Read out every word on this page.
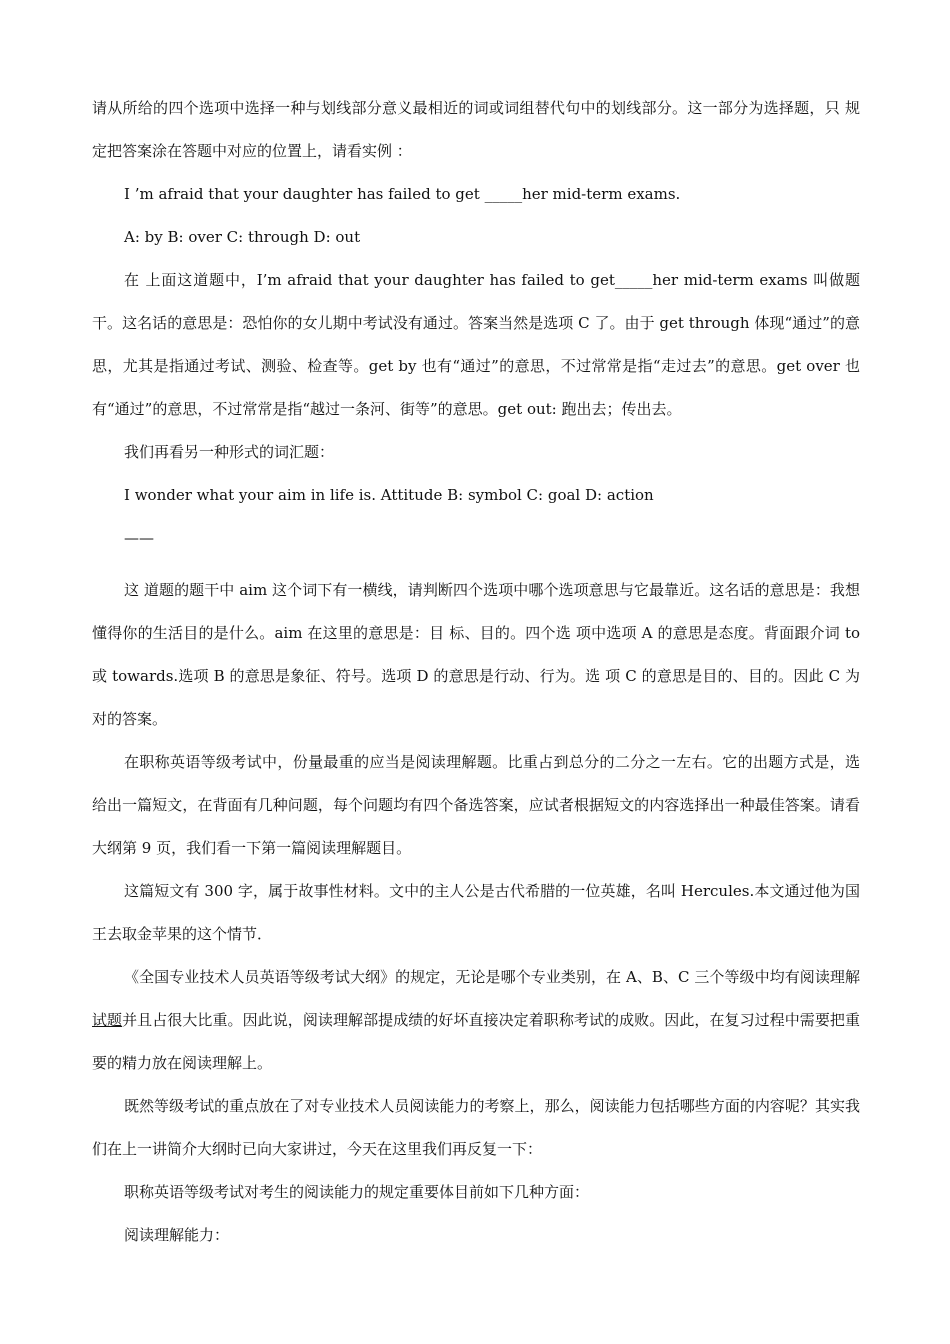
请从所给的四个选项中选择一种与划线部分意义最相近的词或词组替代句中的划线部分。这一部分为选择题，只 规定把答案涂在答题中对应的位置上，请看实例 ：

I ’m afraid that your daughter has failed to get _____her mid-term exams.

A: by B: over C: through D: out

在 上面这道题中，I’m afraid that your daughter has failed to get_____her mid-term exams 叫做题干。这名话的意思是：恐怕你的女儿期中考试没有通过。答案当然是选项 C 了。由于 get through 体现“通过”的意思，尤其是指通过考试、测验、检查等。get by 也有“通过”的意思，不过常常是指“走过去”的意思。get over 也有“通过”的意思，不过常常是指“越过一条河、街等”的意思。get out: 跑出去；传出去。

我们再看另一种形式的词汇题：

I wonder what your aim in life is. Attitude B: symbol C: goal D: action

——

这 道题的题干中 aim 这个词下有一横线，请判断四个选项中哪个选项意思与它最靠近。这名话的意思是：我想懂得你的生活目的是什么。aim 在这里的意思是：目 标、目的。四个选 项中选项 A 的意思是态度。背面跟介词 to 或 towards.选项 B 的意思是象征、符号。选项 D 的意思是行动、行为。选 项 C 的意思是目的、目的。因此 C 为对的答案。

在职称英语等级考试中，份量最重的应当是阅读理解题。比重占到总分的二分之一左右。它的出题方式是，选 给出一篇短文，在背面有几种问题，每个问题均有四个备选答案，应试者根据短文的内容选择出一种最佳答案。请看大纲第 9 页，我们看一下第一篇阅读理解题目。

这篇短文有 300 字，属于故事性材料。文中的主人公是古代希腊的一位英雄，名叫 Hercules.本文通过他为国王去取金苹果的这个情节．

《全国专业技术人员英语等级考试大纲》的规定，无论是哪个专业类别，在 A、B、C 三个等级中均有阅读理解试题并且占很大比重。因此说，阅读理解部提成绩的好坏直接决定着职称考试的成败。因此，在复习过程中需要把重要的精力放在阅读理解上。

既然等级考试的重点放在了对专业技术人员阅读能力的考察上，那么，阅读能力包括哪些方面的内容呢？其实我们在上一讲简介大纲时已向大家讲过，今天在这里我们再反复一下：

职称英语等级考试对考生的阅读能力的规定重要体目前如下几种方面：

阅读理解能力：
